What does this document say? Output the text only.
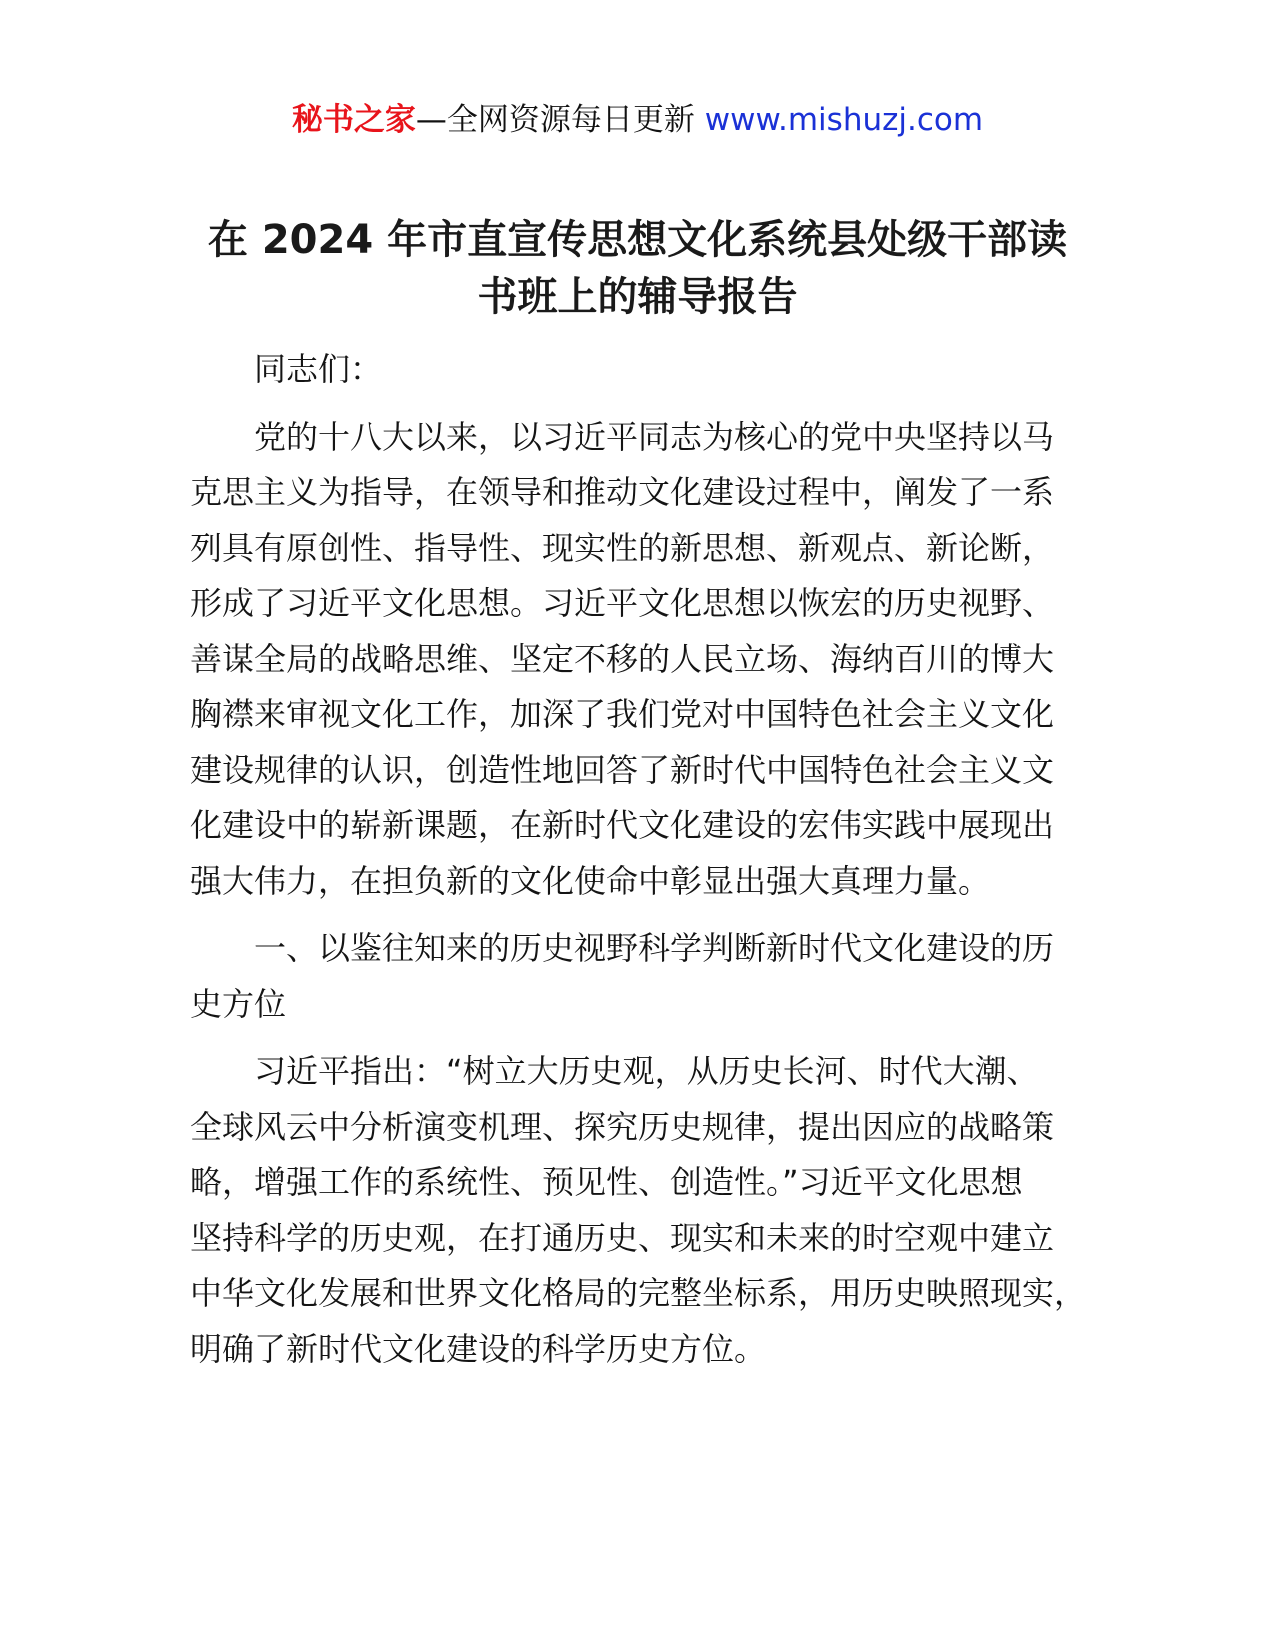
秘书之家—全网资源每日更新 www.mishuzj.com
在 2024 年市直宣传思想文化系统县处级干部读
书班上的辅导报告
同志们：
党的十八大以来，以习近平同志为核心的党中央坚持以马
克思主义为指导，在领导和推动文化建设过程中，阐发了一系
列具有原创性、指导性、现实性的新思想、新观点、新论断，
形成了习近平文化思想。习近平文化思想以恢宏的历史视野、
善谋全局的战略思维、坚定不移的人民立场、海纳百川的博大
胸襟来审视文化工作，加深了我们党对中国特色社会主义文化
建设规律的认识，创造性地回答了新时代中国特色社会主义文
化建设中的崭新课题，在新时代文化建设的宏伟实践中展现出
强大伟力，在担负新的文化使命中彰显出强大真理力量。
一、以鉴往知来的历史视野科学判断新时代文化建设的历
史方位
习近平指出：“树立大历史观，从历史长河、时代大潮、
全球风云中分析演变机理、探究历史规律，提出因应的战略策
略，增强工作的系统性、预见性、创造性。”习近平文化思想
坚持科学的历史观，在打通历史、现实和未来的时空观中建立
中华文化发展和世界文化格局的完整坐标系，用历史映照现实，
明确了新时代文化建设的科学历史方位。
